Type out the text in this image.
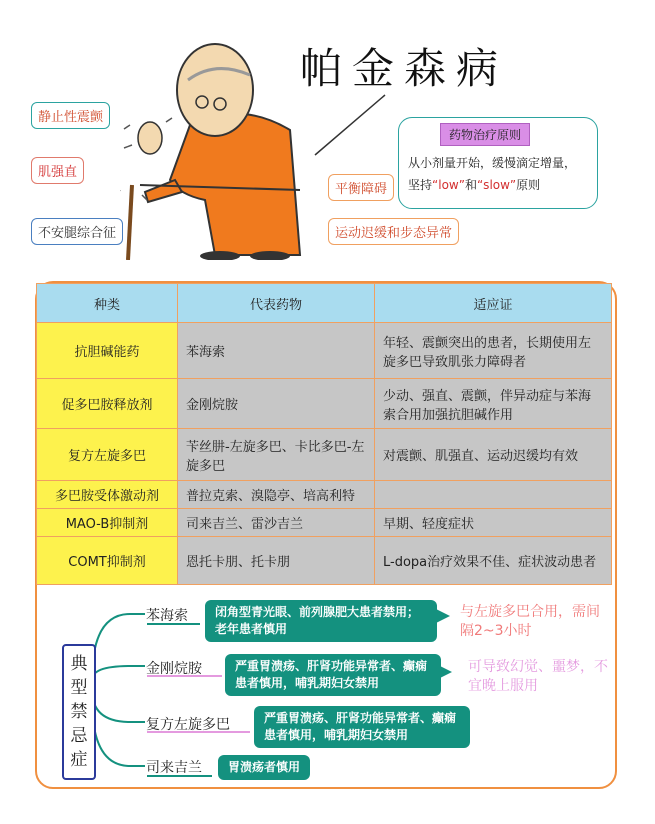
帕金森病
静止性震颤
肌强直
不安腿综合征
平衡障碍
运动迟缓和步态异常
药物治疗原则
从小剂量开始，缓慢滴定增量，
坚持“low”和“slow”原则
种类	代表药物	适应证
抗胆碱能药	苯海索	年轻、震颤突出的患者，长期使用左旋多巴导致肌张力障碍者
促多巴胺释放剂	金刚烷胺	少动、强直、震颤，伴异动症与苯海索合用加强抗胆碱作用
复方左旋多巴	苄丝肼-左旋多巴、卡比多巴-左旋多巴	对震颤、肌强直、运动迟缓均有效
多巴胺受体激动剂	普拉克索、溴隐亭、培高利特	
MAO-B抑制剂	司来吉兰、雷沙吉兰	早期、轻度症状
COMT抑制剂	恩托卡朋、托卡朋	L-dopa治疗效果不佳、症状波动患者
典型禁忌症
苯海索	闭角型青光眼、前列腺肥大患者禁用；老年患者慎用
与左旋多巴合用，需间隔2~3小时
金刚烷胺	严重胃溃疡、肝肾功能异常者、癫痫患者慎用，哺乳期妇女禁用
可导致幻觉、噩梦，不宜晚上服用
复方左旋多巴	严重胃溃疡、肝肾功能异常者、癫痫患者慎用，哺乳期妇女禁用
司来吉兰	胃溃疡者慎用
